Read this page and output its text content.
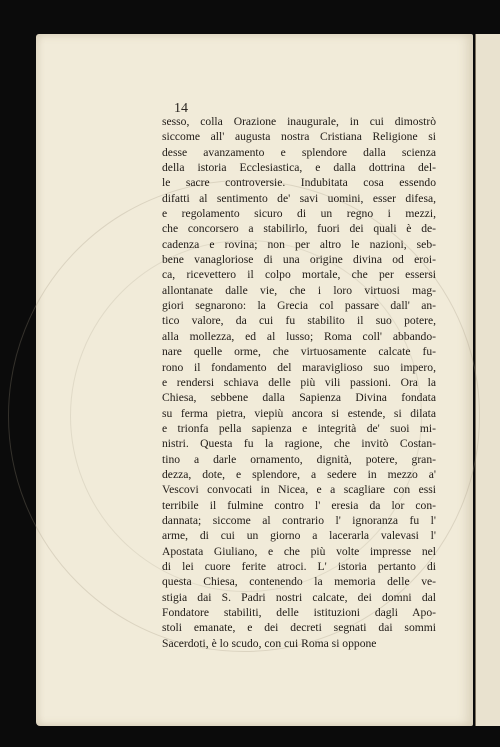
14
sesso, colla Orazione inaugurale, in cui dimostrò
siccome all' augusta nostra Cristiana Religione si
desse avanzamento e splendore dalla scienza
della istoria Ecclesiastica, e dalla dottrina del-
le sacre controversie. Indubitata cosa essendo
difatti al sentimento de' savi uomini, esser difesa,
e regolamento sicuro di un regno i mezzi,
che concorsero a stabilirlo, fuori dei quali è de-
cadenza e rovina; non per altro le nazioni, seb-
bene vanagloriose di una origine divina od eroi-
ca, ricevettero il colpo mortale, che per essersi
allontanate dalle vie, che i loro virtuosi mag-
giori segnarono: la Grecia col passare dall' an-
tico valore, da cui fu stabilito il suo potere,
alla mollezza, ed al lusso; Roma coll' abbando-
nare quelle orme, che virtuosamente calcate fu-
rono il fondamento del maraviglioso suo impero,
e rendersi schiava delle più vili passioni. Ora la
Chiesa, sebbene dalla Sapienza Divina fondata
su ferma pietra, viepiù ancora si estende, si dilata
e trionfa pella sapienza e integrità de' suoi mi-
nistri. Questa fu la ragione, che invitò Costan-
tino a darle ornamento, dignità, potere, gran-
dezza, dote, e splendore, a sedere in mezzo a'
Vescovi convocati in Nicea, e a scagliare con essi
terribile il fulmine contro l' eresia da lor con-
dannata; siccome al contrario l' ignoranza fu l'
arme, di cui un giorno a lacerarla valevasi l'
Apostata Giuliano, e che più volte impresse nel
di lei cuore ferite atroci. L' istoria pertanto di
questa Chiesa, contenendo la memoria delle ve-
stigia dai S. Padri nostri calcate, dei domni dal
Fondatore stabiliti, delle istituzioni dagli Apo-
stoli emanate, e dei decreti segnati dai sommi
Sacerdoti, è lo scudo, con cui Roma si oppone
